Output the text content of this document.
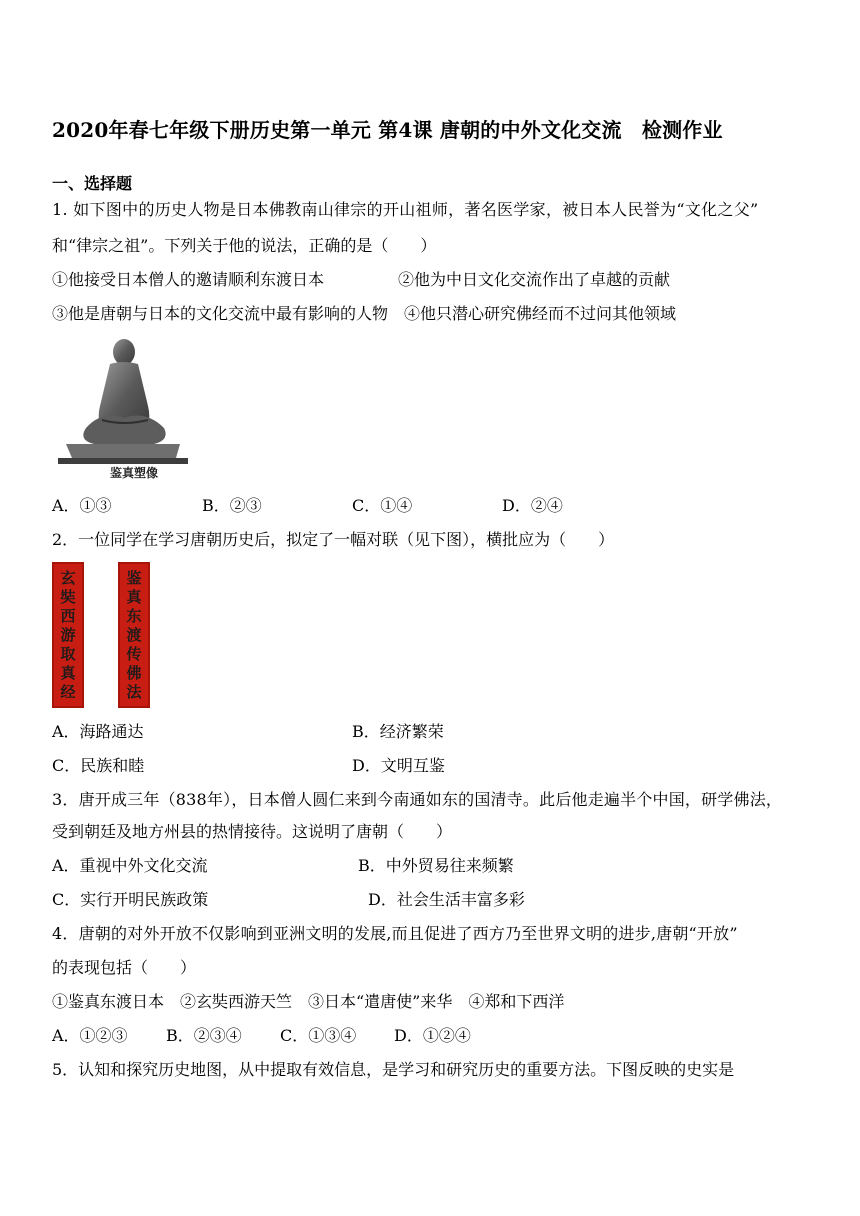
2020年春七年级下册历史第一单元 第4课 唐朝的中外文化交流　检测作业
一、选择题
1. 如下图中的历史人物是日本佛教南山律宗的开山祖师，著名医学家，被日本人民誉为“文化之父”
和“律宗之祖”。下列关于他的说法，正确的是（　　）
①他接受日本僧人的邀请顺利东渡日本	②他为中日文化交流作出了卓越的贡献
③他是唐朝与日本的文化交流中最有影响的人物　④他只潜心研究佛经而不过问其他领域
鉴真塑像
A．①③	B．②③	C．①④	D．②④
2．一位同学在学习唐朝历史后，拟定了一幅对联（见下图），横批应为（　　）
玄
奘
西
游
取
真
经
鉴
真
东
渡
传
佛
法
A．海路通达	B．经济繁荣
C．民族和睦	D．文明互鉴
3．唐开成三年（838年），日本僧人圆仁来到今南通如东的国清寺。此后他走遍半个中国，研学佛法，
受到朝廷及地方州县的热情接待。这说明了唐朝（　　）
A．重视中外文化交流	B．中外贸易往来频繁
C．实行开明民族政策	D．社会生活丰富多彩
4．唐朝的对外开放不仅影响到亚洲文明的发展,而且促进了西方乃至世界文明的进步,唐朝“开放”
的表现包括（　　）
①鉴真东渡日本　②玄奘西游天竺　③日本“遣唐使”来华　④郑和下西洋
A．①②③ B．②③④ C．①③④ D．①②④
5．认知和探究历史地图，从中提取有效信息，是学习和研究历史的重要方法。下图反映的史实是
